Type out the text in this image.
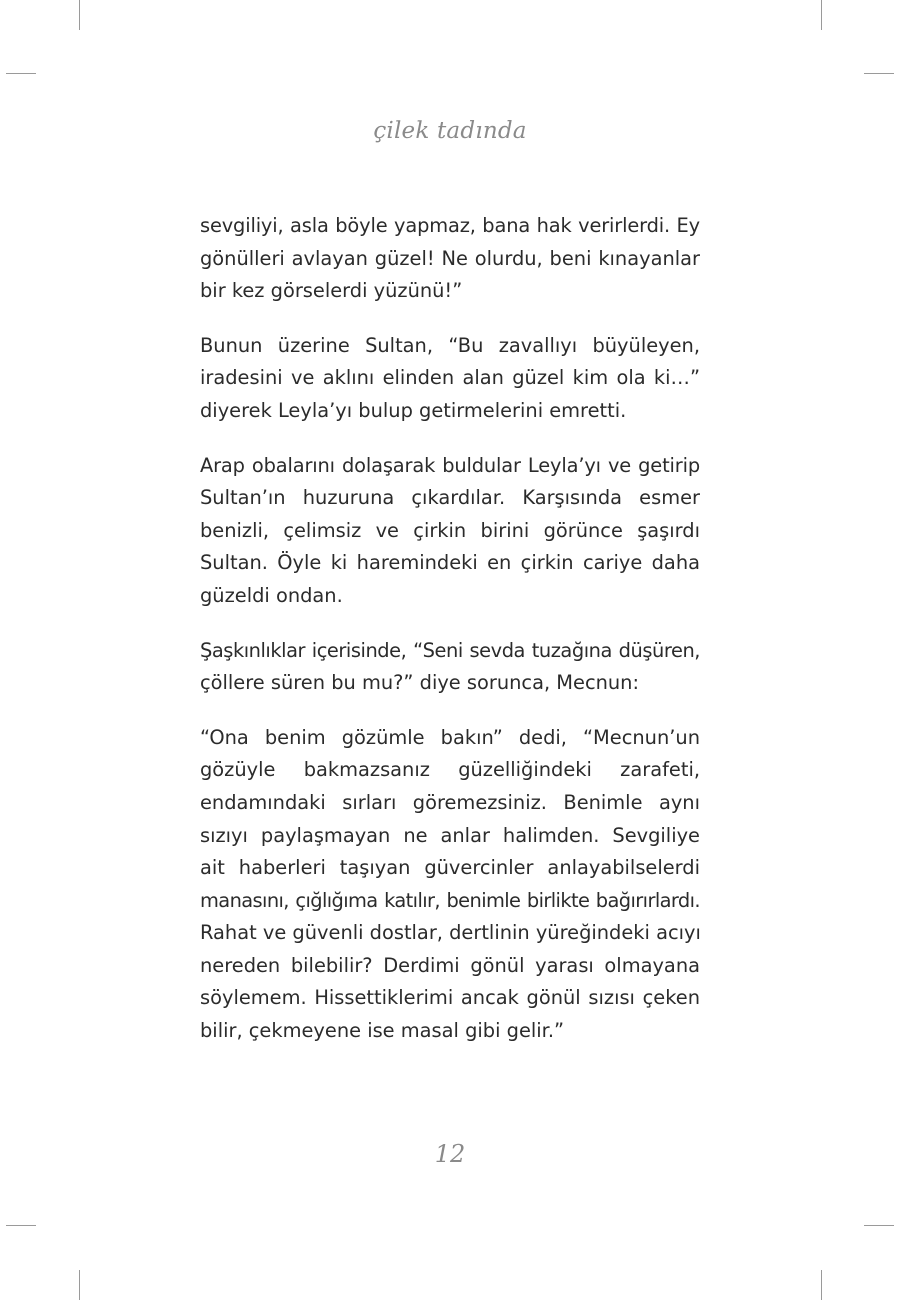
çilek tadında

sevgiliyi, asla böyle yapmaz, bana hak verirlerdi. Ey
gönülleri avlayan güzel! Ne olurdu, beni kınayanlar
bir kez görselerdi yüzünü!”

Bunun üzerine Sultan, “Bu zavallıyı büyüleyen,
iradesini ve aklını elinden alan güzel kim ola ki…”
diyerek Leyla’yı bulup getirmelerini emretti.

Arap obalarını dolaşarak buldular Leyla’yı ve getirip
Sultan’ın huzuruna çıkardılar. Karşısında esmer
benizli, çelimsiz ve çirkin birini görünce şaşırdı
Sultan. Öyle ki haremindeki en çirkin cariye daha
güzeldi ondan.

Şaşkınlıklar içerisinde, “Seni sevda tuzağına düşüren,
çöllere süren bu mu?” diye sorunca, Mecnun:

“Ona benim gözümle bakın” dedi, “Mecnun’un
gözüyle bakmazsanız güzelliğindeki zarafeti,
endamındaki sırları göremezsiniz. Benimle aynı
sızıyı paylaşmayan ne anlar halimden. Sevgiliye
ait haberleri taşıyan güvercinler anlayabilselerdi
manasını, çığlığıma katılır, benimle birlikte bağırırlardı.
Rahat ve güvenli dostlar, dertlinin yüreğindeki acıyı
nereden bilebilir? Derdimi gönül yarası olmayana
söylemem. Hissettiklerimi ancak gönül sızısı çeken
bilir, çekmeyene ise masal gibi gelir.”

12
